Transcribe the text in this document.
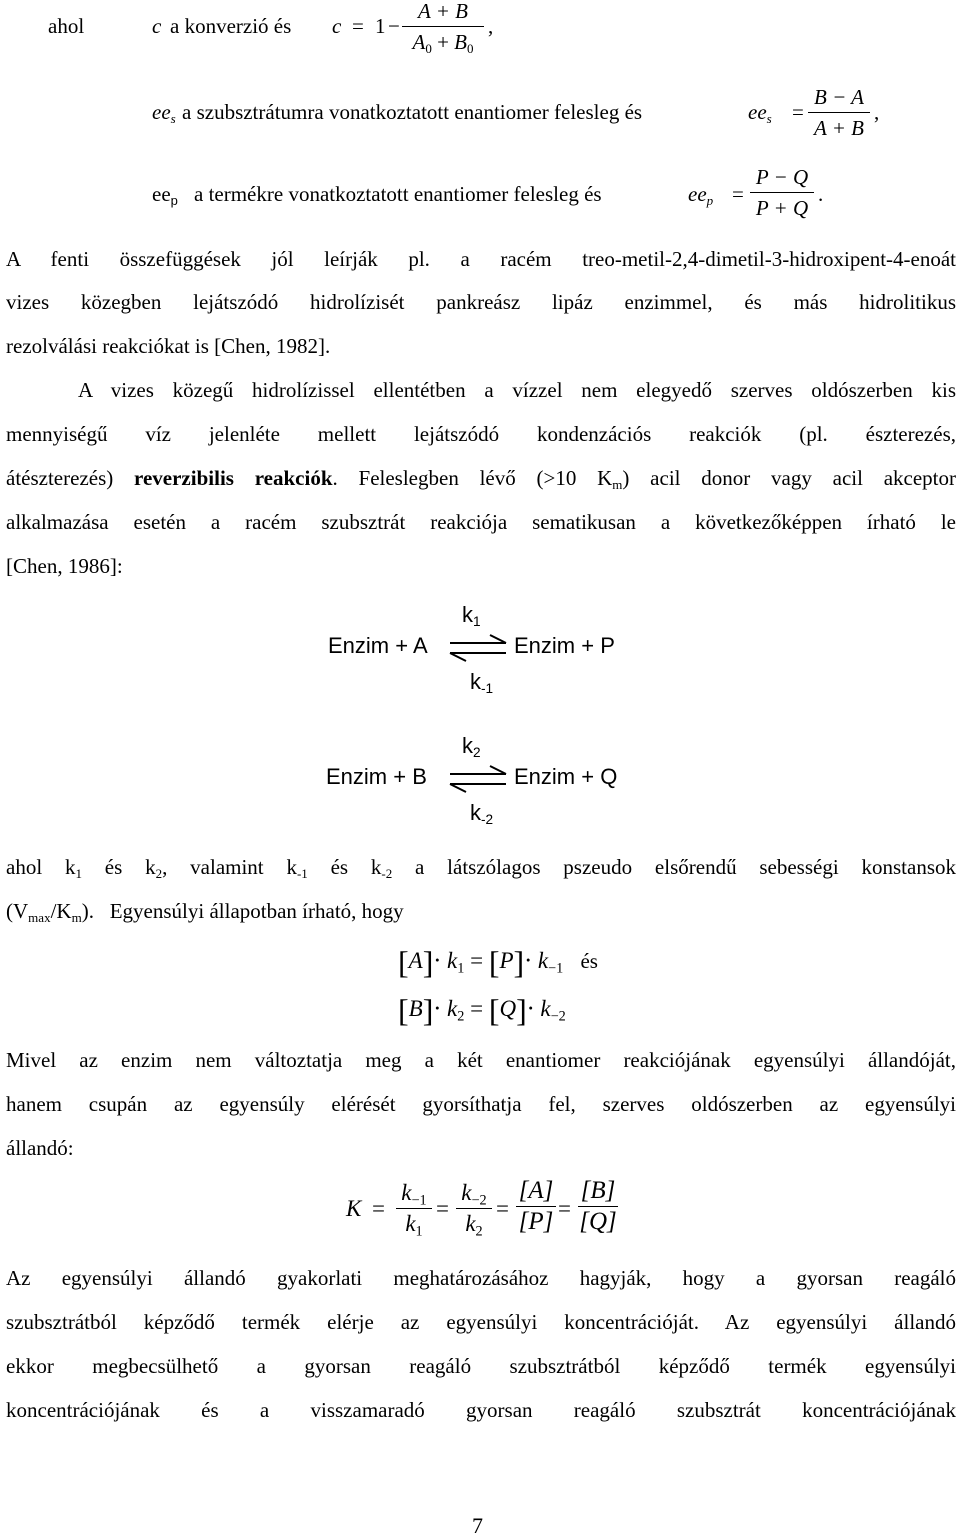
ahol	c a konverzió és c = 1 −
A + B
$A_0 + B_0$
,
$ee_s$ a szubsztrátumra vonatkoztatott enantiomer felesleg és	$ee_s$ =
B − A
A + B
,
$ee_p$ a termékre vonatkoztatott enantiomer felesleg és	$ee_p$ =
P − Q
P + Q
.
A fenti összefüggések jól leírják pl. a racém treo-metil-2,4-dimetil-3-hidroxipent-4-enoát
vizes közegben lejátszódó hidrolízisét pankreász lipáz enzimmel, és más hidrolitikus
rezolválási reakciókat is [Chen, 1982].
A vizes közegű hidrolízissel ellentétben a vízzel nem elegyedő szerves oldószerben kis
mennyiségű víz jelenléte mellett lejátszódó kondenzációs reakciók (pl. észterezés,
átészterezés) reverzibilis reakciók. Feleslegben lévő (>10 $K_m$) acil donor vagy acil akceptor
alkalmazása esetén a racém szubsztrát reakciója sematikusan a következőképpen írható le
[Chen, 1986]:
$k_1$
Enzim + A ⇌ Enzim + P
$k_{-1}$
$k_2$
Enzim + B ⇌ Enzim + Q
$k_{-2}$
ahol $k_1$ és $k_2$, valamint $k_{-1}$ és $k_{-2}$ a látszólagos pszeudo elsőrendű sebességi konstansok
$(V_{max}/K_m)$. Egyensúlyi állapotban írható, hogy
$[A]\cdot k_1 = [P]\cdot k_{-1}$ és
$[B]\cdot k_2 = [Q]\cdot k_{-2}$
Mivel az enzim nem változtatja meg a két enantiomer reakciójának egyensúlyi állandóját,
hanem csupán az egyensúly elérését gyorsíthatja fel, szerves oldószerben az egyensúlyi
állandó:
K =
$k_{-1}$
$k_1$
=
$k_{-2}$
$k_2$
=
[A]
[P] =
[B]
[Q]
Az egyensúlyi állandó gyakorlati meghatározásához hagyják, hogy a gyorsan reagáló
szubsztrátból képződő termék elérje az egyensúlyi koncentrációját. Az egyensúlyi állandó
ekkor megbecsülhető a gyorsan reagáló szubsztrátból képződő termék egyensúlyi
koncentrációjának és a visszamaradó gyorsan reagáló szubsztrát koncentrációjának
7
